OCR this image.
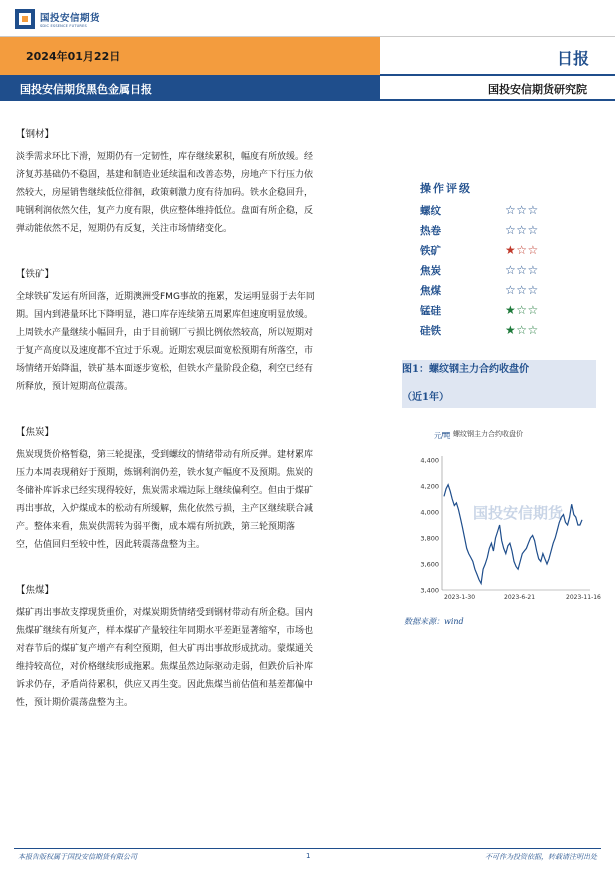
国投安信期货
SDIC ESSENCE FUTURES
2024年01月22日
国投安信期货黑色金属日报
日报
国投安信期货研究院
【钢材】
淡季需求环比下滑，短期仍有一定韧性，库存继续累积，幅度有所放缓。经
济复苏基础仍不稳固，基建和制造业延续温和改善态势，房地产下行压力依
然较大，房屋销售继续低位徘徊，政策刺激力度有待加码。铁水企稳回升，
吨钢利润依然欠佳，复产力度有限，供应整体维持低位。盘面有所企稳，反
弹动能依然不足，短期仍有反复，关注市场情绪变化。
【铁矿】
全球铁矿发运有所回落，近期澳洲受FMG事故的拖累，发运明显弱于去年同
期。国内到港量环比下降明显，港口库存连续第五周累库但速度明显放缓。
上周铁水产量继续小幅回升，由于目前钢厂亏损比例依然较高，所以短期对
于复产高度以及速度都不宜过于乐观。近期宏观层面宽松预期有所落空，市
场情绪开始降温，铁矿基本面逐步宽松，但铁水产量阶段企稳，利空已经有
所释放，预计短期高位震荡。
【焦炭】
焦炭现货价格暂稳，第三轮提涨，受到螺纹的情绪带动有所反弹。建材累库
压力本周表现稍好于预期，炼钢利润仍差，铁水复产幅度不及预期。焦炭的
冬储补库诉求已经实现得较好，焦炭需求端边际上继续偏利空。但由于煤矿
再出事故，入炉煤成本的松动有所缓解，焦化依然亏损，主产区继续联合减
产。整体来看，焦炭供需转为弱平衡，成本端有所抗跌，第三轮预期落
空，估值回归至较中性，因此转震荡盘整为主。
【焦煤】
煤矿再出事故支撑现货重价，对煤炭期货情绪受到钢材带动有所企稳。国内
焦煤矿继续有所复产，样本煤矿产量较往年同期水平差距显著缩窄，市场也
对春节后的煤矿复产增产有利空预期，但大矿再出事故形成扰动。蒙煤通关
维持较高位，对价格继续形成拖累。焦煤虽然边际驱动走弱，但跌价后补库
诉求仍存，矛盾尚待累积，供应又再生变。因此焦煤当前估值和基差都偏中
性，预计期价震荡盘整为主。
操作评级
螺纹	☆☆☆
热卷	☆☆☆
铁矿	★☆☆
焦炭	☆☆☆
焦煤	☆☆☆
锰硅	★☆☆
硅铁	★☆☆
图1：螺纹钢主力合约收盘价
（近1年）
国投安信期货
元/吨 螺纹钢主力合约收盘价
3,400
3,600
3,800
4,000
4,200
4,400
2023-1-30	2023-6-21	2023-11-16
数据来源：wind
本报告版权属于国投安信期货有限公司	1	不可作为投资依据，转载请注明出处
